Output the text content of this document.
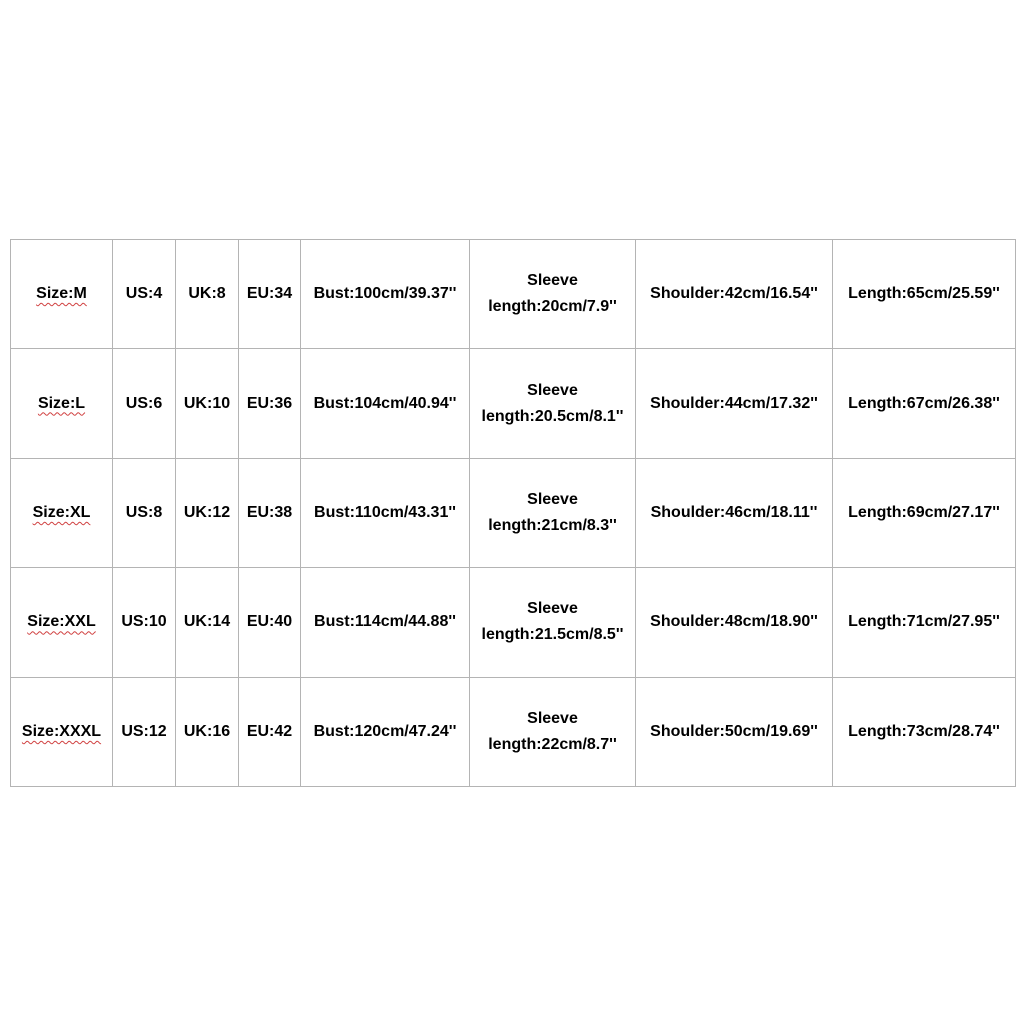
Size:M	US:4	UK:8	EU:34	Bust:100cm/39.37''	Sleeve
length:20cm/7.9''	Shoulder:42cm/16.54''	Length:65cm/25.59''
Size:L	US:6	UK:10	EU:36	Bust:104cm/40.94''	Sleeve
length:20.5cm/8.1''	Shoulder:44cm/17.32''	Length:67cm/26.38''
Size:XL	US:8	UK:12	EU:38	Bust:110cm/43.31''	Sleeve
length:21cm/8.3''	Shoulder:46cm/18.11''	Length:69cm/27.17''
Size:XXL	US:10	UK:14	EU:40	Bust:114cm/44.88''	Sleeve
length:21.5cm/8.5''	Shoulder:48cm/18.90''	Length:71cm/27.95''
Size:XXXL	US:12	UK:16	EU:42	Bust:120cm/47.24''	Sleeve
length:22cm/8.7''	Shoulder:50cm/19.69''	Length:73cm/28.74''
